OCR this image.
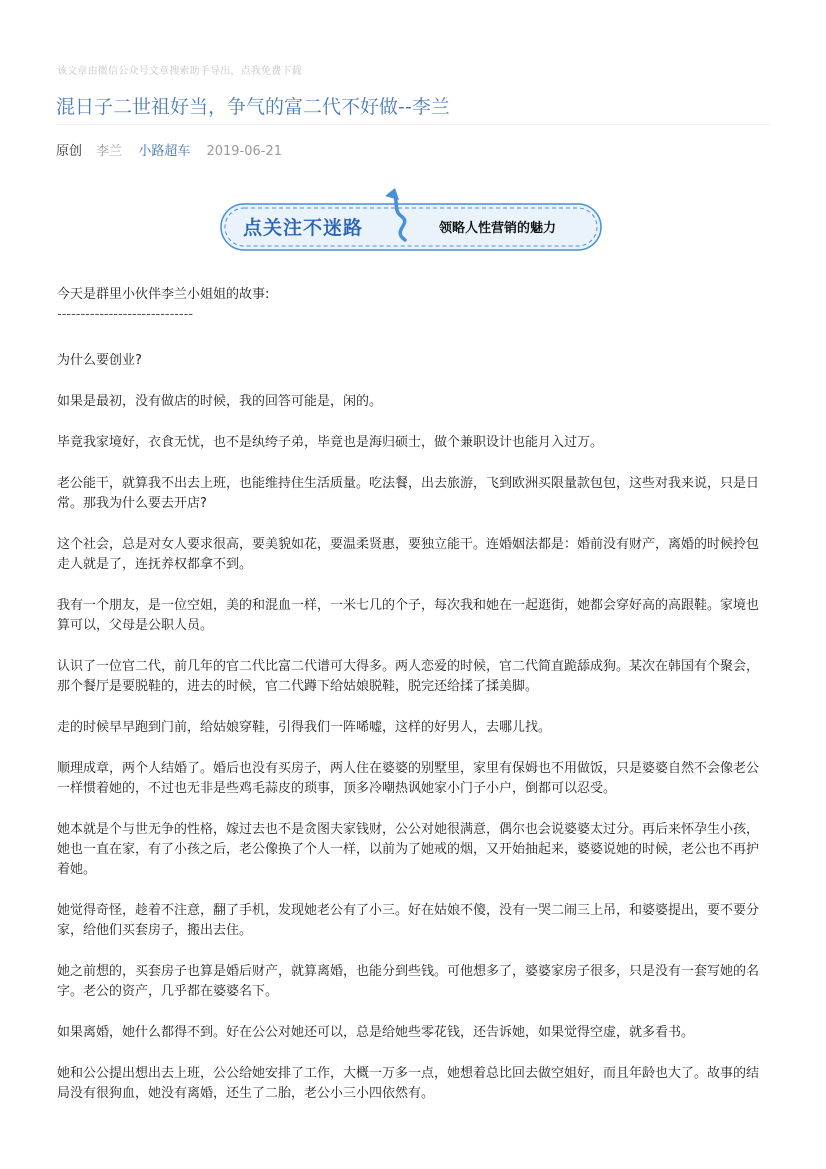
该文章由微信公众号文章搜索助手导出，点我免费下载
混日子二世祖好当，争气的富二代不好做--李兰
原创 李兰 小路超车 2019-06-21
点关注不迷路	领略人性营销的魅力

今天是群里小伙伴李兰小姐姐的故事:

-----------------------------

为什么要创业?

如果是最初，没有做店的时候，我的回答可能是，闲的。

毕竟我家境好，衣食无忧，也不是纨绔子弟，毕竟也是海归硕士，做个兼职设计也能月入过万。

老公能干，就算我不出去上班，也能维持住生活质量。吃法餐，出去旅游，飞到欧洲买限量款包包，这些对我来说，只是日常。那我为什么要去开店?

这个社会，总是对女人要求很高，要美貌如花，要温柔贤惠，要独立能干。连婚姻法都是：婚前没有财产，离婚的时候拎包走人就是了，连抚养权都拿不到。

我有一个朋友，是一位空姐，美的和混血一样，一米七几的个子，每次我和她在一起逛街，她都会穿好高的高跟鞋。家境也算可以，父母是公职人员。

认识了一位官二代，前几年的官二代比富二代谱可大得多。两人恋爱的时候，官二代简直跪舔成狗。某次在韩国有个聚会，那个餐厅是要脱鞋的，进去的时候，官二代蹲下给姑娘脱鞋，脱完还给揉了揉美脚。

走的时候早早跑到门前，给姑娘穿鞋，引得我们一阵唏嘘，这样的好男人，去哪儿找。

顺理成章，两个人结婚了。婚后也没有买房子，两人住在婆婆的别墅里，家里有保姆也不用做饭，只是婆婆自然不会像老公一样惯着她的，不过也无非是些鸡毛蒜皮的琐事，顶多冷嘲热讽她家小门子小户，倒都可以忍受。

她本就是个与世无争的性格，嫁过去也不是贪图夫家钱财，公公对她很满意，偶尔也会说婆婆太过分。再后来怀孕生小孩，她也一直在家，有了小孩之后，老公像换了个人一样，以前为了她戒的烟，又开始抽起来，婆婆说她的时候，老公也不再护着她。

她觉得奇怪，趁着不注意，翻了手机，发现她老公有了小三。好在姑娘不傻，没有一哭二闹三上吊，和婆婆提出，要不要分家，给他们买套房子，搬出去住。

她之前想的，买套房子也算是婚后财产，就算离婚，也能分到些钱。可他想多了，婆婆家房子很多，只是没有一套写她的名字。老公的资产，几乎都在婆婆名下。

如果离婚，她什么都得不到。好在公公对她还可以，总是给她些零花钱，还告诉她，如果觉得空虚，就多看书。

她和公公提出想出去上班，公公给她安排了工作，大概一万多一点，她想着总比回去做空姐好，而且年龄也大了。故事的结局没有很狗血，她没有离婚，还生了二胎，老公小三小四依然有。
